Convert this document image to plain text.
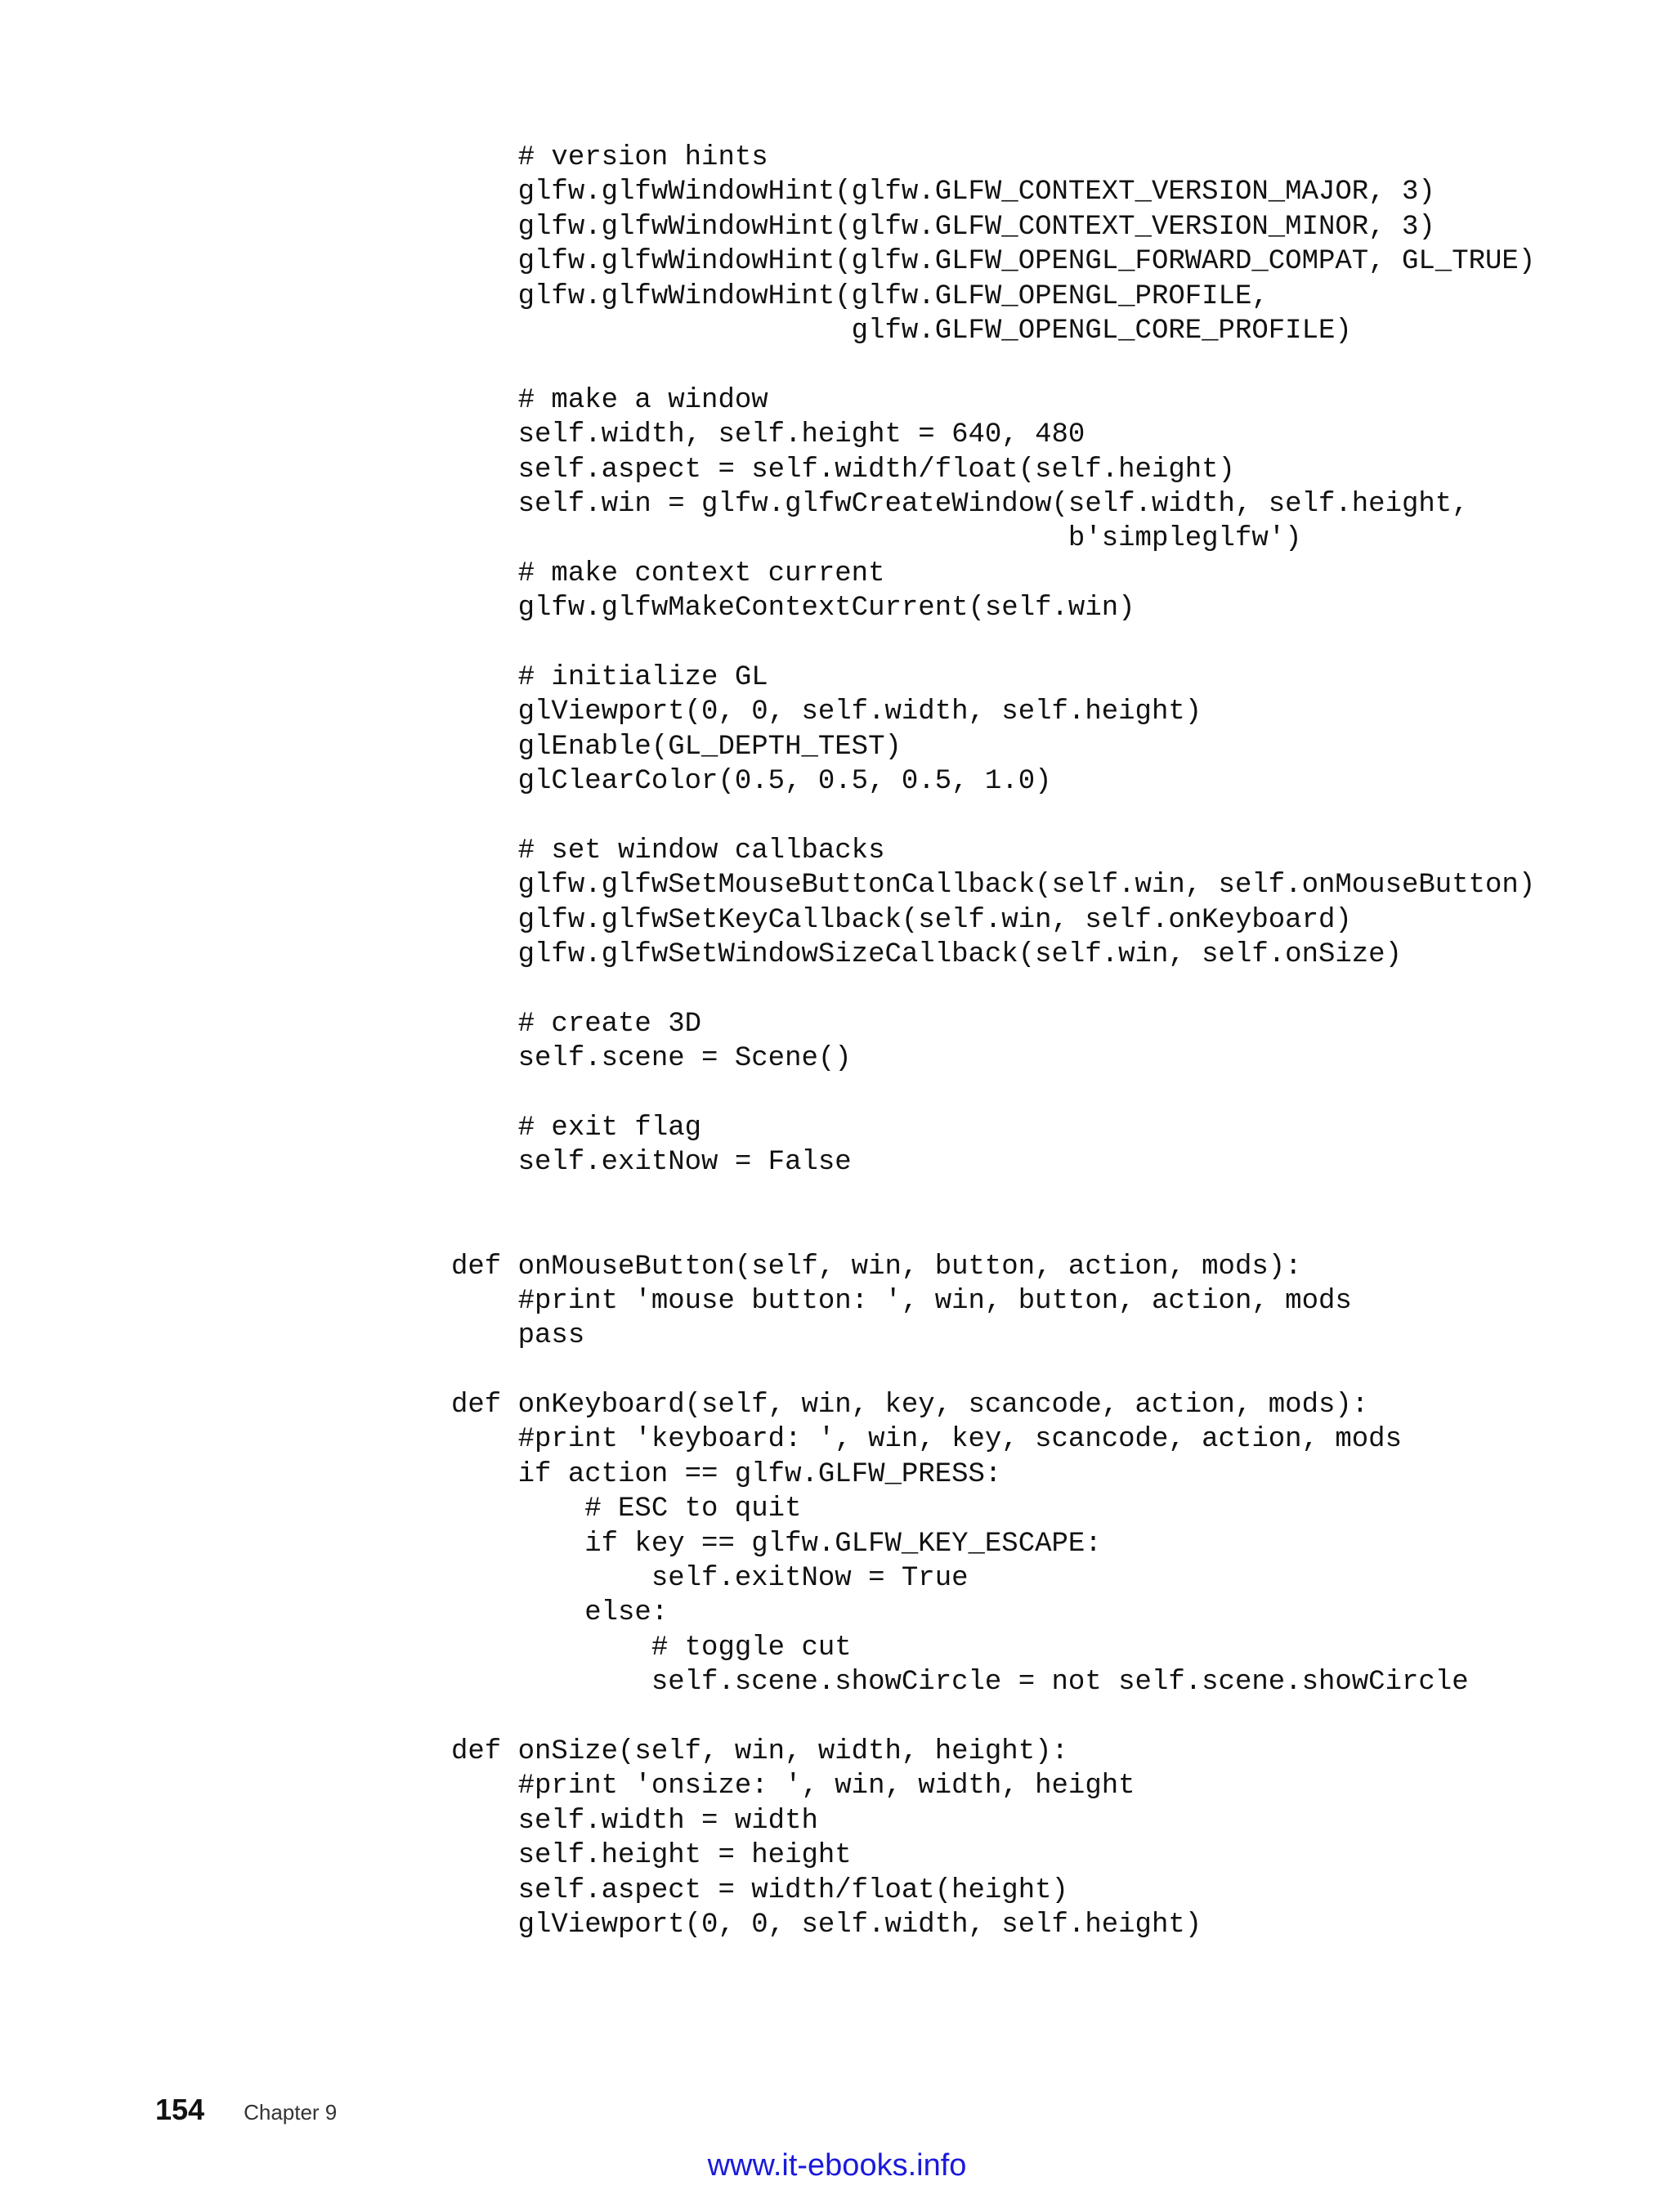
# version hints
glfw.glfwWindowHint(glfw.GLFW_CONTEXT_VERSION_MAJOR, 3)
glfw.glfwWindowHint(glfw.GLFW_CONTEXT_VERSION_MINOR, 3)
glfw.glfwWindowHint(glfw.GLFW_OPENGL_FORWARD_COMPAT, GL_TRUE)
glfw.glfwWindowHint(glfw.GLFW_OPENGL_PROFILE,
glfw.GLFW_OPENGL_CORE_PROFILE)
# make a window
self.width, self.height = 640, 480
self.aspect = self.width/float(self.height)
self.win = glfw.glfwCreateWindow(self.width, self.height,
b'simpleglfw')
# make context current
glfw.glfwMakeContextCurrent(self.win)
# initialize GL
glViewport(0, 0, self.width, self.height)
glEnable(GL_DEPTH_TEST)
glClearColor(0.5, 0.5, 0.5, 1.0)
# set window callbacks
glfw.glfwSetMouseButtonCallback(self.win, self.onMouseButton)
glfw.glfwSetKeyCallback(self.win, self.onKeyboard)
glfw.glfwSetWindowSizeCallback(self.win, self.onSize)
# create 3D
self.scene = Scene()
# exit flag
self.exitNow = False
def onMouseButton(self, win, button, action, mods):
#print 'mouse button: ', win, button, action, mods
pass
def onKeyboard(self, win, key, scancode, action, mods):
#print 'keyboard: ', win, key, scancode, action, mods
if action == glfw.GLFW_PRESS:
# ESC to quit
if key == glfw.GLFW_KEY_ESCAPE:
self.exitNow = True
else:
# toggle cut
self.scene.showCircle = not self.scene.showCircle
def onSize(self, win, width, height):
#print 'onsize: ', win, width, height
self.width = width
self.height = height
self.aspect = width/float(height)
glViewport(0, 0, self.width, self.height)
154 Chapter 9
www.it-ebooks.info
